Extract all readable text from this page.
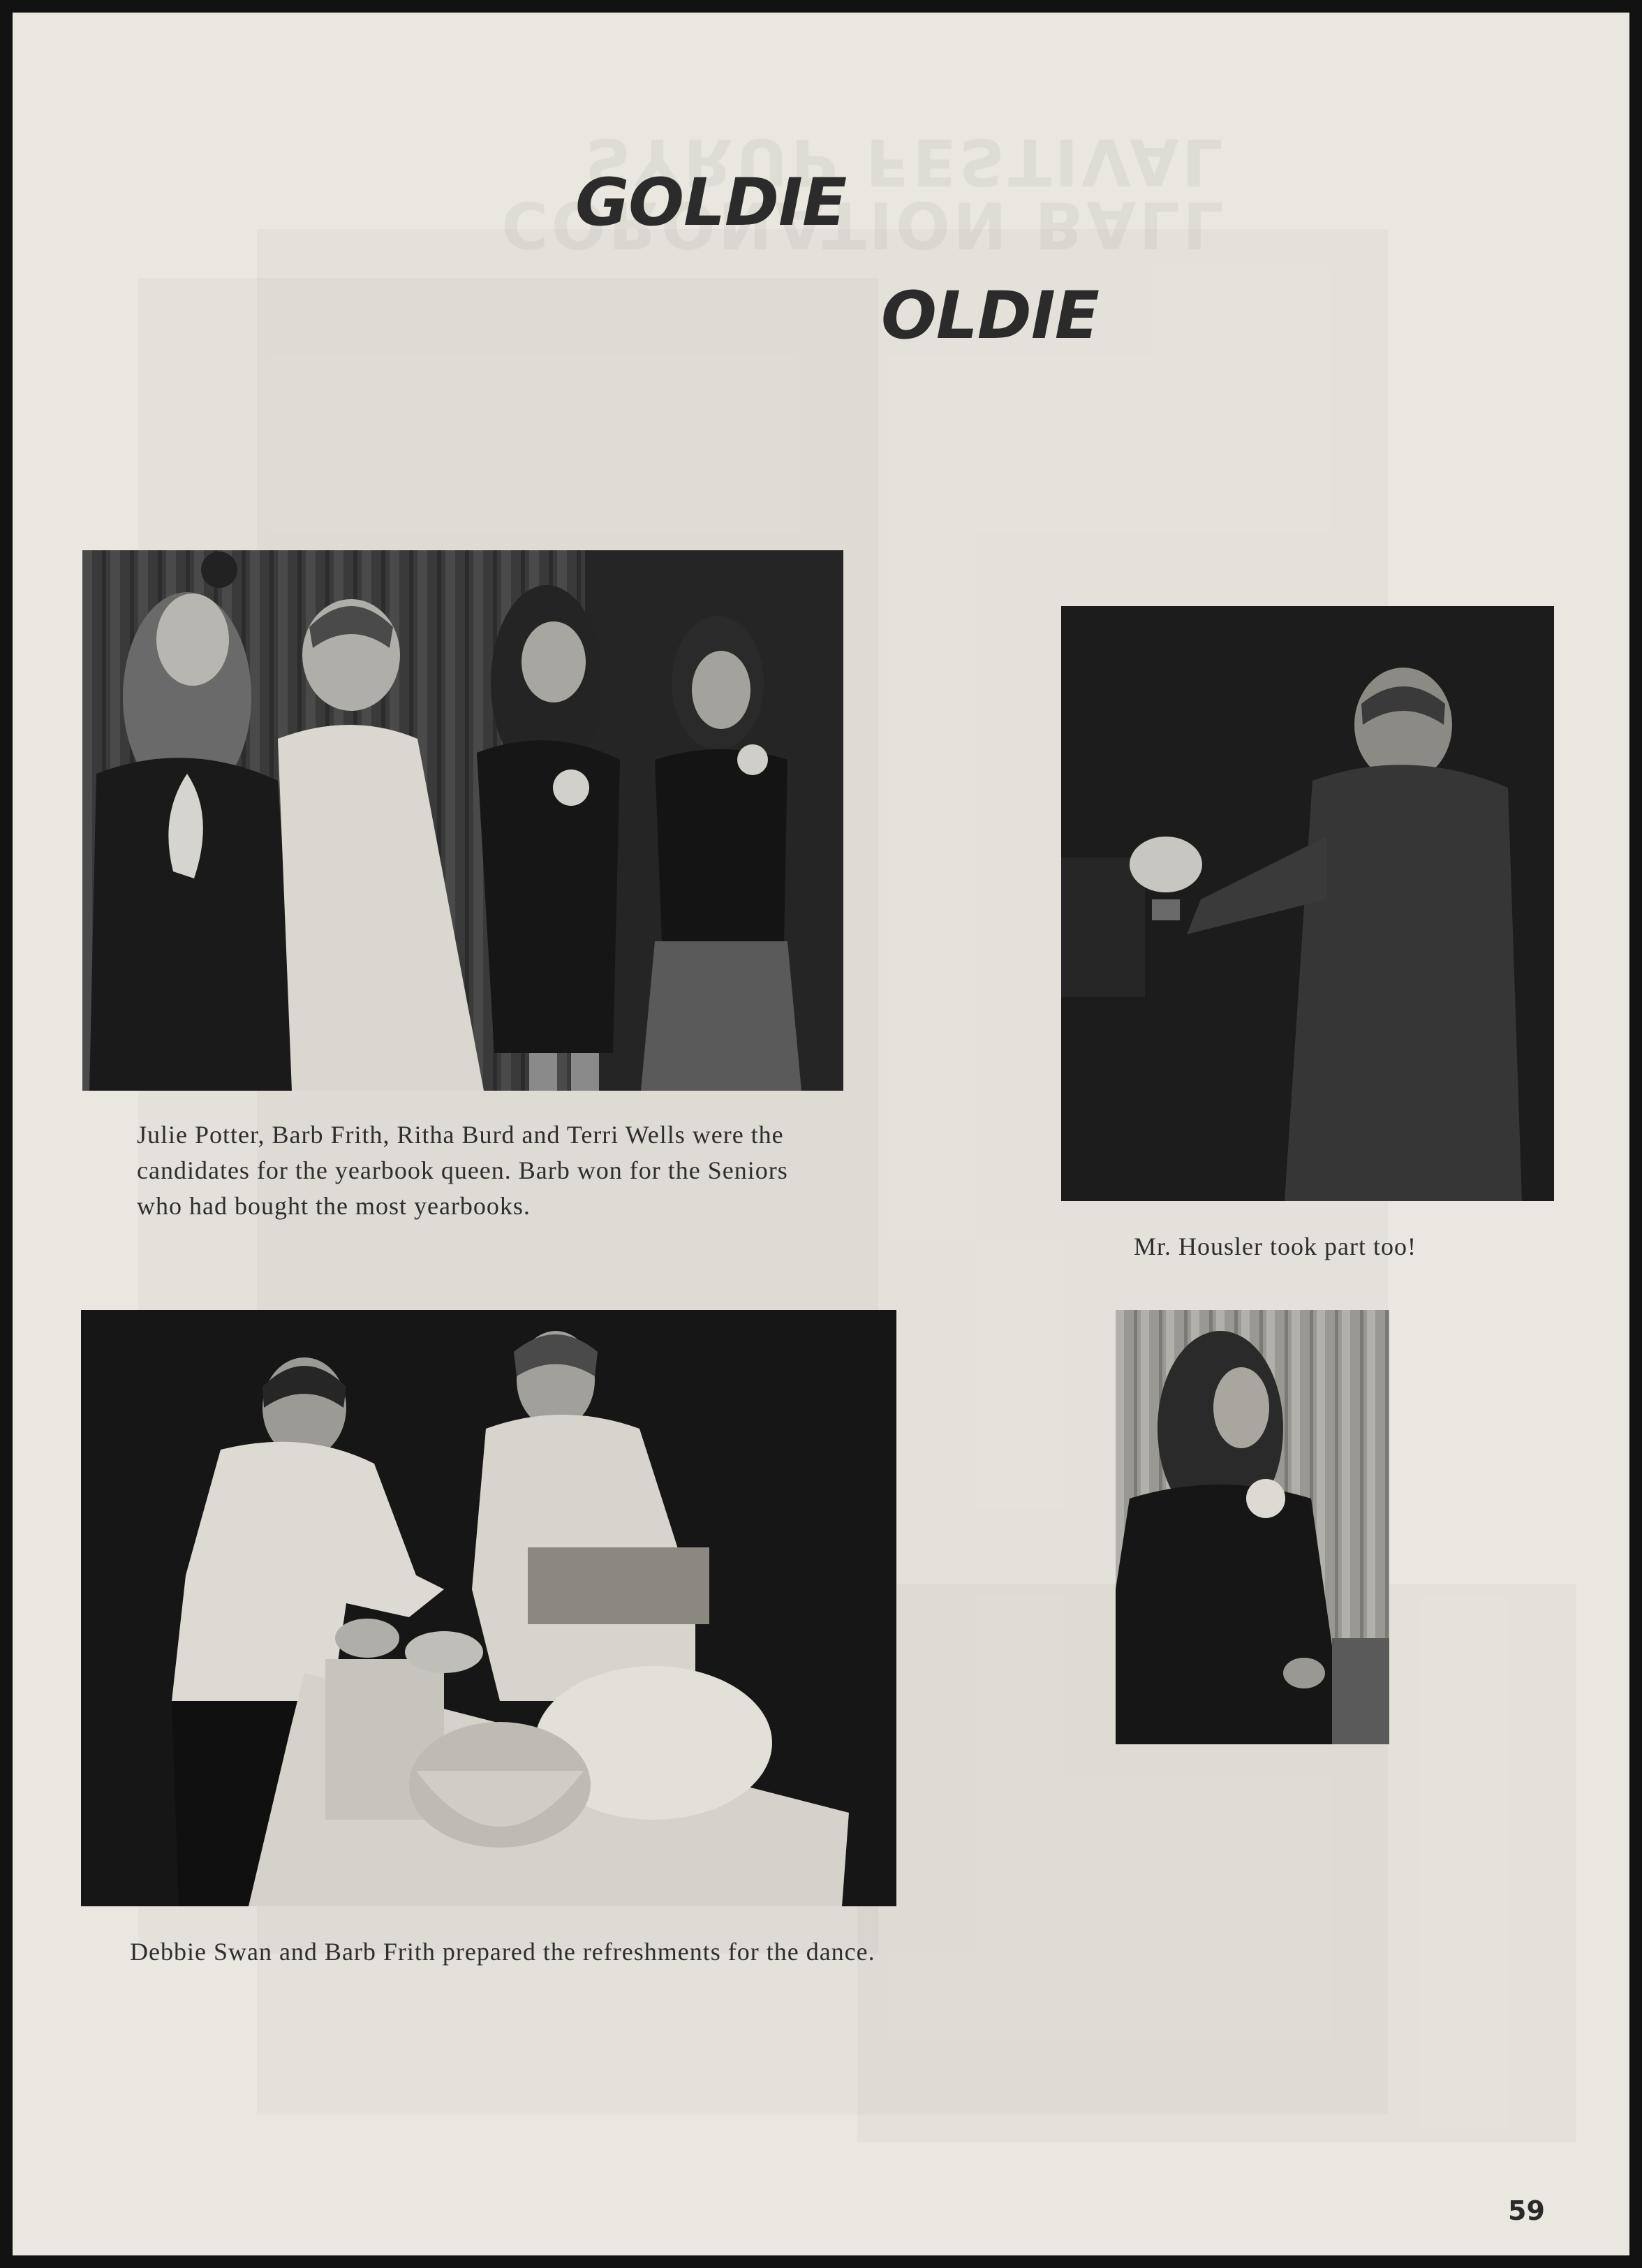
GOLDIE
OLDIE

Julie Potter, Barb Frith, Ritha Burd and Terri Wells were the candidates for the yearbook queen. Barb won for the Seniors who had bought the most yearbooks.

Mr. Housler took part too!

Debbie Swan and Barb Frith prepared the refreshments for the dance.

59
